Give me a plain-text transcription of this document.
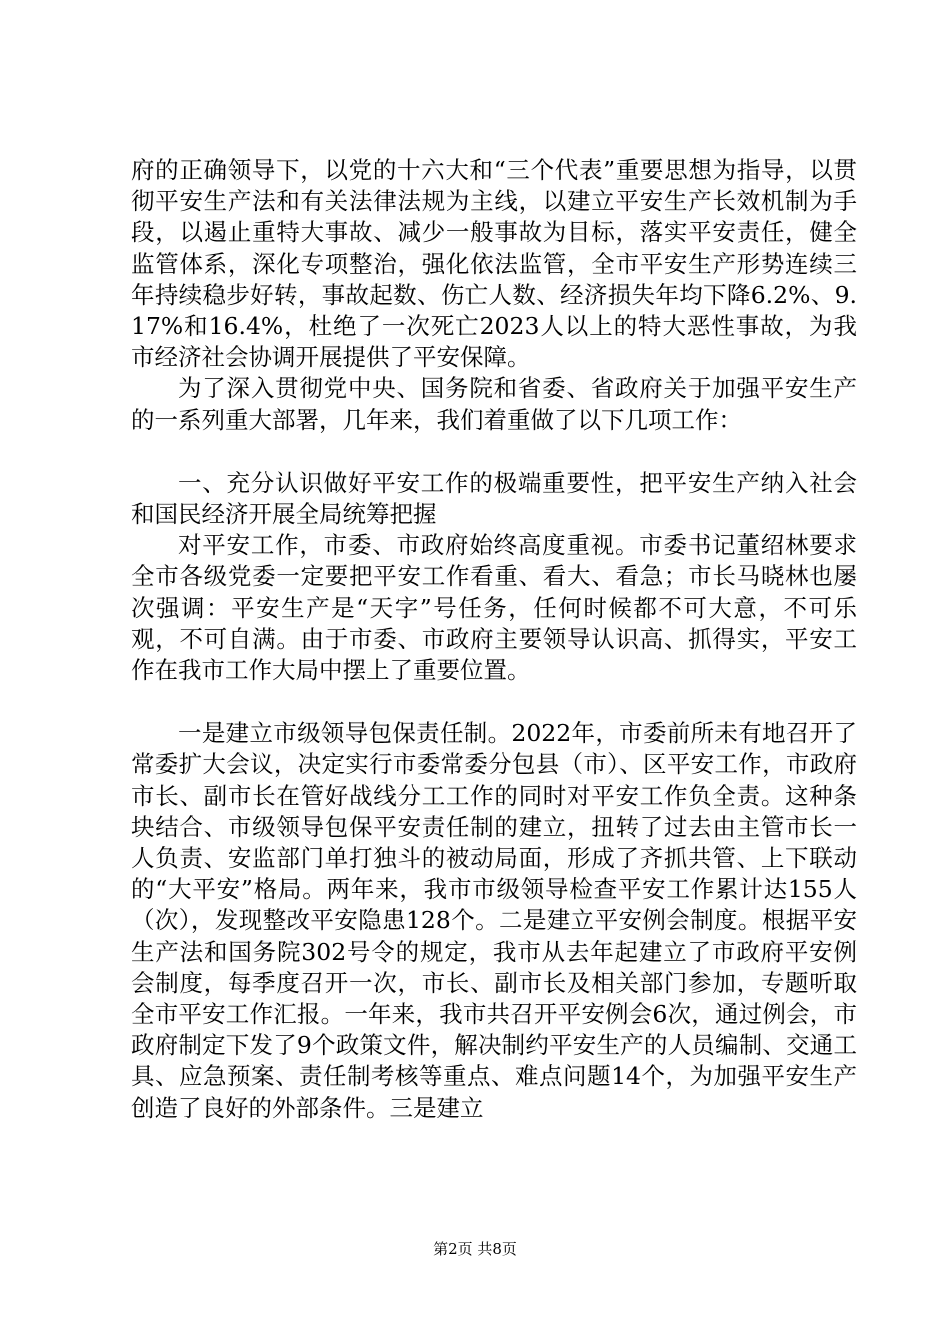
府的正确领导下，以党的十六大和“三个代表”重要思想为指导，以贯彻平安生产法和有关法律法规为主线，以建立平安生产长效机制为手段，以遏止重特大事故、减少一般事故为目标，落实平安责任，健全监管体系，深化专项整治，强化依法监管，全市平安生产形势连续三年持续稳步好转，事故起数、伤亡人数、经济损失年均下降6.2%、9.17%和16.4%，杜绝了一次死亡2023人以上的特大恶性事故，为我市经济社会协调开展提供了平安保障。

为了深入贯彻党中央、国务院和省委、省政府关于加强平安生产的一系列重大部署，几年来，我们着重做了以下几项工作：

一、充分认识做好平安工作的极端重要性，把平安生产纳入社会和国民经济开展全局统筹把握

对平安工作，市委、市政府始终高度重视。市委书记董绍林要求全市各级党委一定要把平安工作看重、看大、看急；市长马晓林也屡次强调：平安生产是“天字”号任务，任何时候都不可大意，不可乐观，不可自满。由于市委、市政府主要领导认识高、抓得实，平安工作在我市工作大局中摆上了重要位置。

一是建立市级领导包保责任制。2022年，市委前所未有地召开了常委扩大会议，决定实行市委常委分包县（市）、区平安工作，市政府市长、副市长在管好战线分工工作的同时对平安工作负全责。这种条块结合、市级领导包保平安责任制的建立，扭转了过去由主管市长一人负责、安监部门单打独斗的被动局面，形成了齐抓共管、上下联动的“大平安”格局。两年来，我市市级领导检查平安工作累计达155人（次），发现整改平安隐患128个。二是建立平安例会制度。根据平安生产法和国务院302号令的规定，我市从去年起建立了市政府平安例会制度，每季度召开一次，市长、副市长及相关部门参加，专题听取全市平安工作汇报。一年来，我市共召开平安例会6次，通过例会，市政府制定下发了9个政策文件，解决制约平安生产的人员编制、交通工具、应急预案、责任制考核等重点、难点问题14个，为加强平安生产创造了良好的外部条件。三是建立

第2页 共8页
